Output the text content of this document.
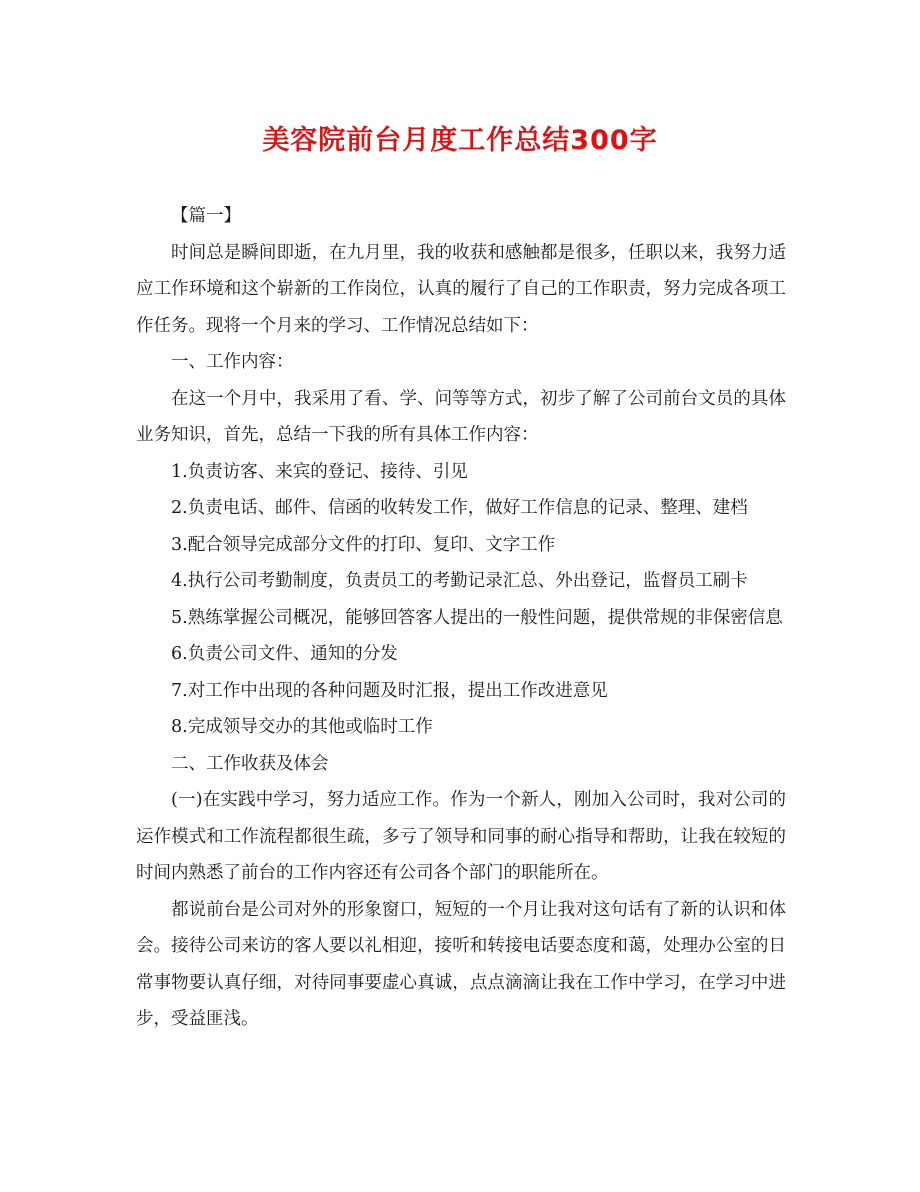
美容院前台月度工作总结300字

【篇一】

时间总是瞬间即逝，在九月里，我的收获和感触都是很多，任职以来，我努力适应工作环境和这个崭新的工作岗位，认真的履行了自己的工作职责，努力完成各项工作任务。现将一个月来的学习、工作情况总结如下：

一、工作内容：

在这一个月中，我采用了看、学、问等等方式，初步了解了公司前台文员的具体业务知识，首先，总结一下我的所有具体工作内容：

1.负责访客、来宾的登记、接待、引见

2.负责电话、邮件、信函的收转发工作，做好工作信息的记录、整理、建档

3.配合领导完成部分文件的打印、复印、文字工作

4.执行公司考勤制度，负责员工的考勤记录汇总、外出登记，监督员工刷卡

5.熟练掌握公司概况，能够回答客人提出的一般性问题，提供常规的非保密信息

6.负责公司文件、通知的分发

7.对工作中出现的各种问题及时汇报，提出工作改进意见

8.完成领导交办的其他或临时工作

二、工作收获及体会

(一)在实践中学习，努力适应工作。作为一个新人，刚加入公司时，我对公司的运作模式和工作流程都很生疏，多亏了领导和同事的耐心指导和帮助，让我在较短的时间内熟悉了前台的工作内容还有公司各个部门的职能所在。

都说前台是公司对外的形象窗口，短短的一个月让我对这句话有了新的认识和体会。接待公司来访的客人要以礼相迎，接听和转接电话要态度和蔼，处理办公室的日常事物要认真仔细，对待同事要虚心真诚，点点滴滴让我在工作中学习，在学习中进步，受益匪浅。
